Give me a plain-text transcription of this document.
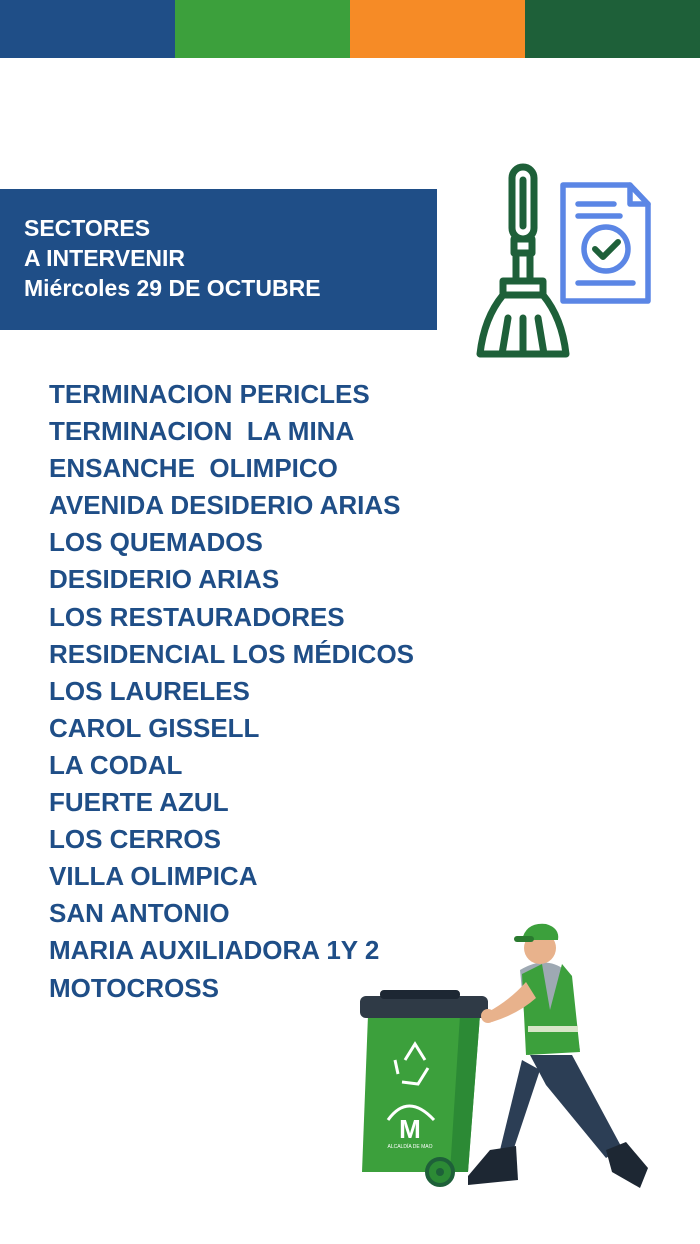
SECTORES
A INTERVENIR
Miércoles 29 DE OCTUBRE
TERMINACION PERICLES
TERMINACION  LA MINA
ENSANCHE  OLIMPICO
AVENIDA DESIDERIO ARIAS
LOS QUEMADOS
DESIDERIO ARIAS
LOS RESTAURADORES
RESIDENCIAL LOS MÉDICOS
LOS LAURELES
CAROL GISSELL
LA CODAL
FUERTE AZUL
LOS CERROS
VILLA OLIMPICA
SAN ANTONIO
MARIA AUXILIADORA 1Y 2
MOTOCROSS
M
ALCALDÍA DE MAO
